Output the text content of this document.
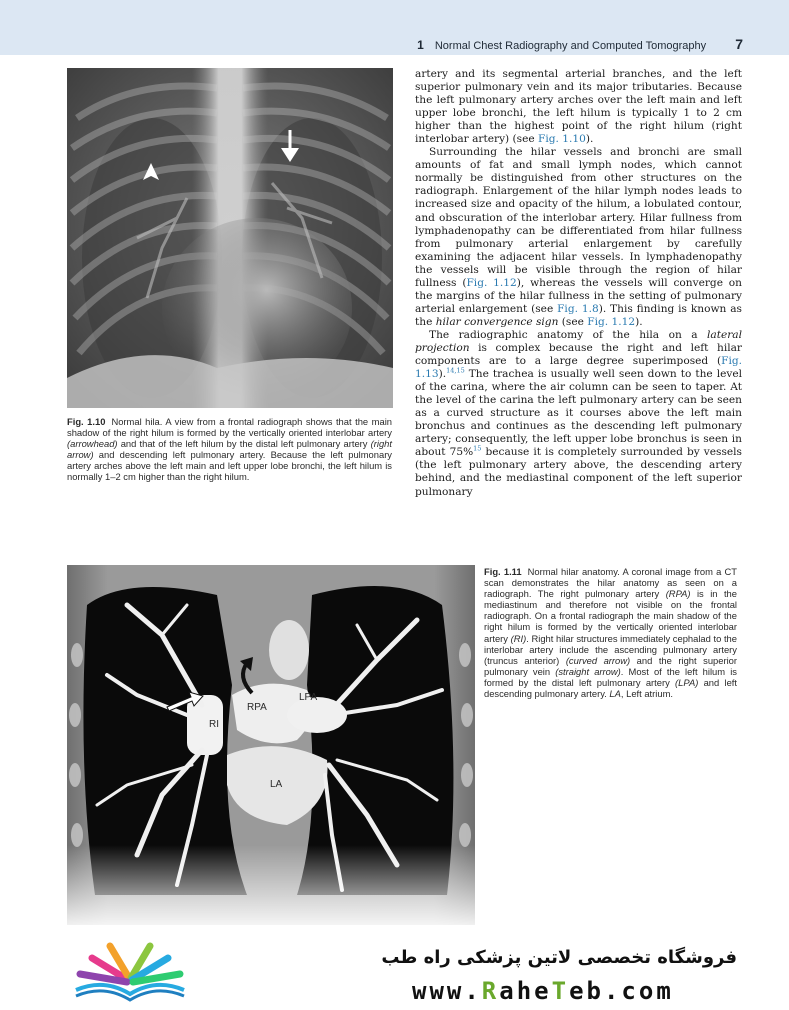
1 Normal Chest Radiography and Computed Tomography 7
Fig. 1.10 Normal hila. A view from a frontal radiograph shows that the main shadow of the right hilum is formed by the vertically oriented interlobar artery (arrowhead) and that of the left hilum by the distal left pulmonary artery (right arrow) and descending left pulmonary artery. Because the left pulmonary artery arches above the left main and left upper lobe bronchi, the left hilum is normally 1–2 cm higher than the right hilum.

artery and its segmental arterial branches, and the left superior pulmonary vein and its major tributaries. Because the left pulmonary artery arches over the left main and left upper lobe bronchi, the left hilum is typically 1 to 2 cm higher than the highest point of the right hilum (right interlobar artery) (see Fig. 1.10).

Surrounding the hilar vessels and bronchi are small amounts of fat and small lymph nodes, which cannot normally be distinguished from other structures on the radiograph. Enlargement of the hilar lymph nodes leads to increased size and opacity of the hilum, a lobulated contour, and obscuration of the interlobar artery. Hilar fullness from lymphadenopathy can be differentiated from hilar fullness from pulmonary arterial enlargement by carefully examining the adjacent hilar vessels. In lymphadenopathy the vessels will be visible through the region of hilar fullness (Fig. 1.12), whereas the vessels will converge on the margins of the hilar fullness in the setting of pulmonary arterial enlargement (see Fig. 1.8). This finding is known as the hilar convergence sign (see Fig. 1.12).

The radiographic anatomy of the hila on a lateral projection is complex because the right and left hilar components are to a large degree superimposed (Fig. 1.13).$^{14,15}$ The trachea is usually well seen down to the level of the carina, where the air column can be seen to taper. At the level of the carina the left pulmonary artery can be seen as a curved structure as it courses above the left main bronchus and continues as the descending left pulmonary artery; consequently, the left upper lobe bronchus is seen in about 75%$^{15}$ because it is completely surrounded by vessels (the left pulmonary artery above, the descending artery behind, and the mediastinal component of the left superior pulmonary

RI
RPA
LPA
LA
Fig. 1.11 Normal hilar anatomy. A coronal image from a CT scan demonstrates the hilar anatomy as seen on a radiograph. The right pulmonary artery (RPA) is in the mediastinum and therefore not visible on the frontal radiograph. On a frontal radiograph the main shadow of the right hilum is formed by the vertically oriented interlobar artery (RI). Right hilar structures immediately cephalad to the interlobar artery include the ascending pulmonary artery (truncus anterior) (curved arrow) and the right superior pulmonary vein (straight arrow). Most of the left hilum is formed by the distal left pulmonary artery (LPA) and left descending pulmonary artery. LA, Left atrium.
فروشگاه تخصصی لاتین پزشکی راه طب
www.RaheTeb.com
